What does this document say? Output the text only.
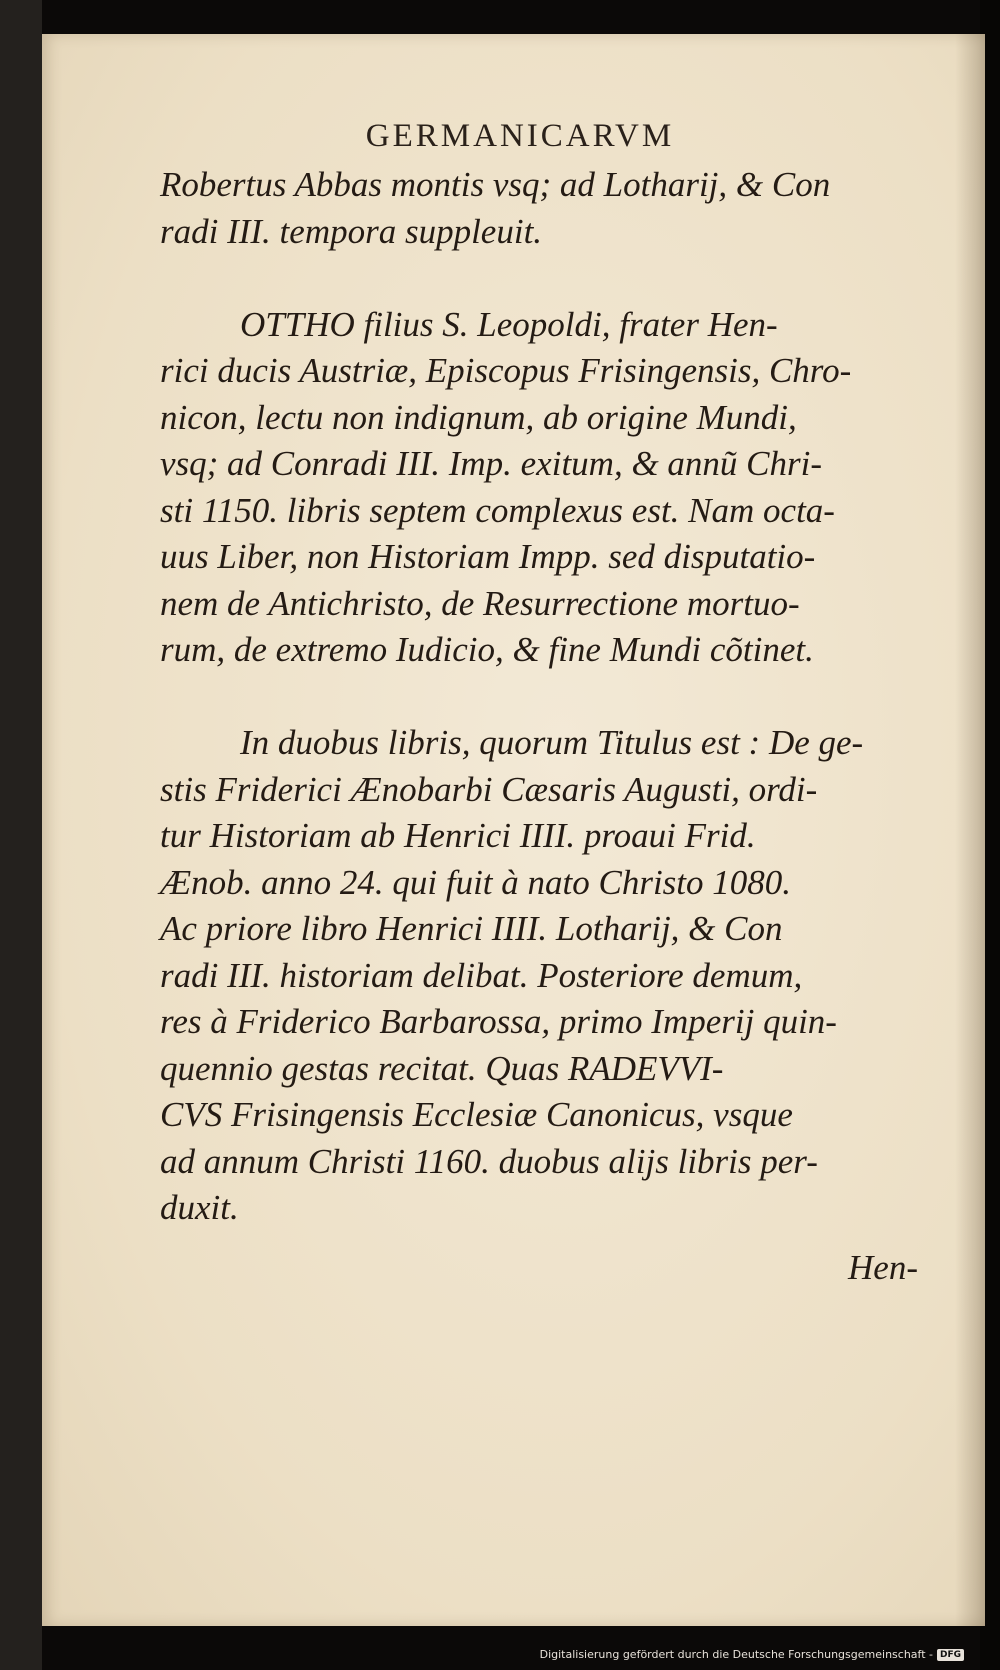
GERMANICARVM
Robertus Abbas montis vsq; ad Lotharij, & Con
radi III. tempora suppleuit.
OTTHO filius S. Leopoldi, frater Hen-
rici ducis Austriæ, Episcopus Frisingensis, Chro-
nicon, lectu non indignum, ab origine Mundi,
vsq; ad Conradi III. Imp. exitum, & annũ Chri-
sti 1150. libris septem complexus est. Nam octa-
uus Liber, non Historiam Impp. sed disputatio-
nem de Antichristo, de Resurrectione mortuo-
rum, de extremo Iudicio, & fine Mundi cõtinet.
In duobus libris, quorum Titulus est : De ge-
stis Friderici Ænobarbi Cæsaris Augusti, ordi-
tur Historiam ab Henrici IIII. proaui Frid.
Ænob. anno 24. qui fuit à nato Christo 1080.
Ac priore libro Henrici IIII. Lotharij, & Con
radi III. historiam delibat. Posteriore demum,
res à Friderico Barbarossa, primo Imperij quin-
quennio gestas recitat. Quas RADEVVI-
CVS Frisingensis Ecclesiæ Canonicus, vsque
ad annum Christi 1160. duobus alijs libris per-
duxit.
Hen-
Digitalisierung gefördert durch die Deutsche Forschungsgemeinschaft - DFG
